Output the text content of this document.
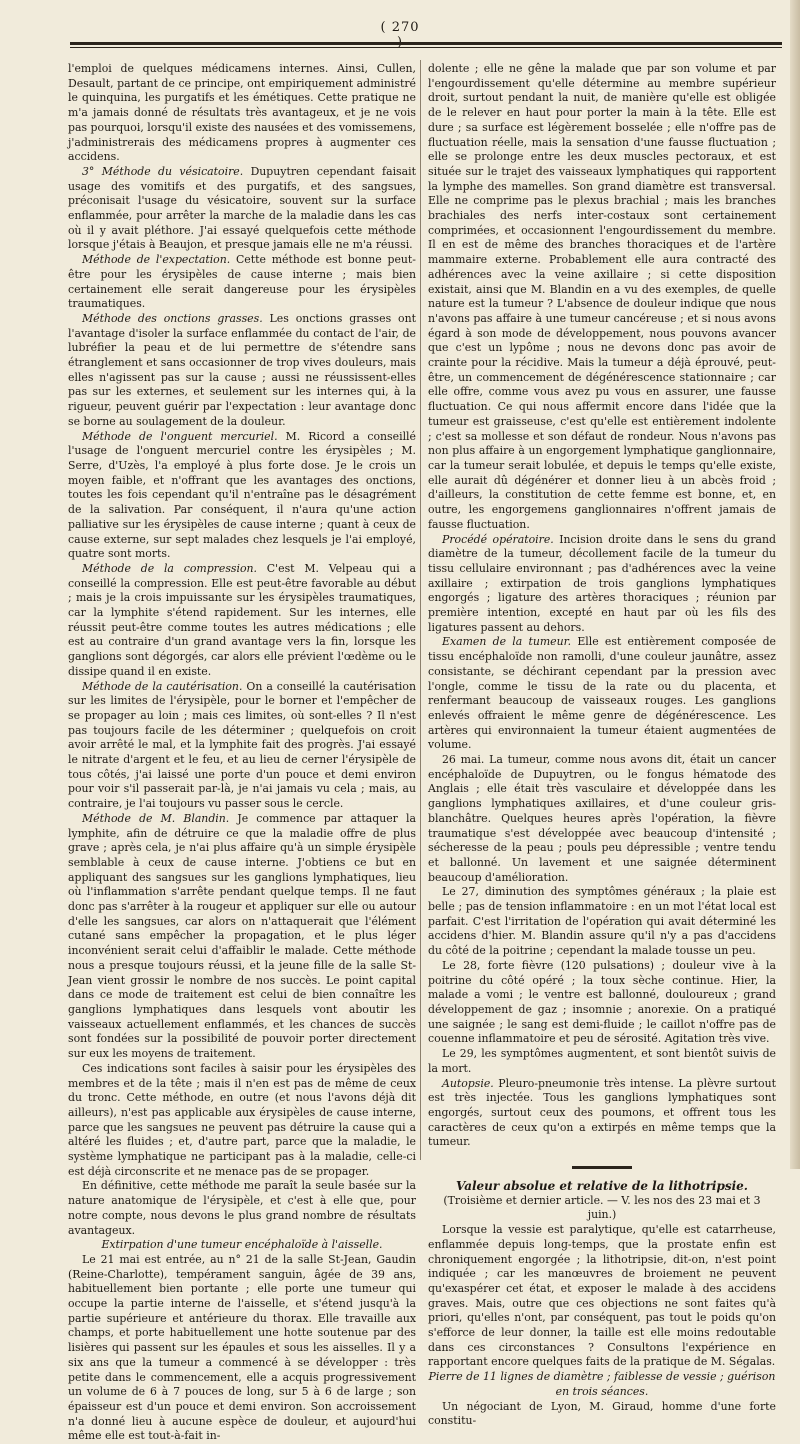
( 270

l'emploi de quelques médicamens internes. Ainsi, Cullen, Desault, partant de ce principe, ont empiriquement administré le quinquina, les purgatifs et les émétiques. Cette pratique ne m'a jamais donné de résultats très avantageux, et je ne vois pas pourquoi, lorsqu'il existe des nausées et des vomissemens, j'administrerais des médicamens propres à augmenter ces accidens.

3° Méthode du vésicatoire. Dupuytren cependant faisait usage des vomitifs et des purgatifs, et des sangsues, préconisait l'usage du vésicatoire, souvent sur la surface enflammée, pour arrêter la marche de la maladie dans les cas où il y avait pléthore. J'ai essayé quelquefois cette méthode lorsque j'étais à Beaujon, et presque jamais elle ne m'a réussi.

Méthode de l'expectation. Cette méthode est bonne peut-être pour les érysipèles de cause interne ; mais bien certainement elle serait dangereuse pour les érysipèles traumatiques.

Méthode des onctions grasses. Les onctions grasses ont l'avantage d'isoler la surface enflammée du contact de l'air, de lubréfier la peau et de lui permettre de s'étendre sans étranglement et sans occasionner de trop vives douleurs, mais elles n'agissent pas sur la cause ; aussi ne réussissent-elles pas sur les externes, et seulement sur les internes qui, à la rigueur, peuvent guérir par l'expectation : leur avantage donc se borne au soulagement de la douleur.

Méthode de l'onguent mercuriel. M. Ricord a conseillé l'usage de l'onguent mercuriel contre les érysipèles ; M. Serre, d'Uzès, l'a employé à plus forte dose. Je le crois un moyen faible, et n'offrant que les avantages des onctions, toutes les fois cependant qu'il n'entraîne pas le désagrément de la salivation. Par conséquent, il n'aura qu'une action palliative sur les érysipèles de cause interne ; quant à ceux de cause externe, sur sept malades chez lesquels je l'ai employé, quatre sont morts.

Méthode de la compression. C'est M. Velpeau qui a conseillé la compression. Elle est peut-être favorable au début ; mais je la crois impuissante sur les érysipèles traumatiques, car la lymphite s'étend rapidement. Sur les internes, elle réussit peut-être comme toutes les autres médications ; elle est au contraire d'un grand avantage vers la fin, lorsque les ganglions sont dégorgés, car alors elle prévient l'œdème ou le dissipe quand il en existe.

Méthode de la cautérisation. On a conseillé la cautérisation sur les limites de l'érysipèle, pour le borner et l'empêcher de se propager au loin ; mais ces limites, où sont-elles ? Il n'est pas toujours facile de les déterminer ; quelquefois on croit avoir arrêté le mal, et la lymphite fait des progrès. J'ai essayé le nitrate d'argent et le feu, et au lieu de cerner l'érysipèle de tous côtés, j'ai laissé une porte d'un pouce et demi environ pour voir s'il passerait par-là, je n'ai jamais vu cela ; mais, au contraire, je l'ai toujours vu passer sous le cercle.

Méthode de M. Blandin. Je commence par attaquer la lymphite, afin de détruire ce que la maladie offre de plus grave ; après cela, je n'ai plus affaire qu'à un simple érysipèle semblable à ceux de cause interne. J'obtiens ce but en appliquant des sangsues sur les ganglions lymphatiques, lieu où l'inflammation s'arrête pendant quelque temps. Il ne faut donc pas s'arrêter à la rougeur et appliquer sur elle ou autour d'elle les sangsues, car alors on n'attaquerait que l'élément cutané sans empêcher la propagation, et le plus léger inconvénient serait celui d'affaiblir le malade. Cette méthode nous a presque toujours réussi, et la jeune fille de la salle St-Jean vient grossir le nombre de nos succès. Le point capital dans ce mode de traitement est celui de bien connaître les ganglions lymphatiques dans lesquels vont aboutir les vaisseaux actuellement enflammés, et les chances de succès sont fondées sur la possibilité de pouvoir porter directement sur eux les moyens de traitement.

Ces indications sont faciles à saisir pour les érysipèles des membres et de la tête ; mais il n'en est pas de même de ceux du tronc. Cette méthode, en outre (et nous l'avons déjà dit ailleurs), n'est pas applicable aux érysipèles de cause interne, parce que les sangsues ne peuvent pas détruire la cause qui a altéré les fluides ; et, d'autre part, parce que la maladie, le système lymphatique ne participant pas à la maladie, celle-ci est déjà circonscrite et ne menace pas de se propager.

En définitive, cette méthode me paraît la seule basée sur la nature anatomique de l'érysipèle, et c'est à elle que, pour notre compte, nous devons le plus grand nombre de résultats avantageux.

Extirpation d'une tumeur encéphaloïde à l'aisselle.

Le 21 mai est entrée, au n° 21 de la salle St-Jean, Gaudin (Reine-Charlotte), tempérament sanguin, âgée de 39 ans, habituellement bien portante ; elle porte une tumeur qui occupe la partie interne de l'aisselle, et s'étend jusqu'à la partie supérieure et antérieure du thorax. Elle travaille aux champs, et porte habituellement une hotte soutenue par des lisières qui passent sur les épaules et sous les aisselles. Il y a six ans que la tumeur a commencé à se développer : très petite dans le commencement, elle a acquis progressivement un volume de 6 à 7 pouces de long, sur 5 à 6 de large ; son épaisseur est d'un pouce et demi environ. Son accroissement n'a donné lieu à aucune espèce de douleur, et aujourd'hui même elle est tout-à-fait in-

dolente ; elle ne gêne la malade que par son volume et par l'engourdissement qu'elle détermine au membre supérieur droit, surtout pendant la nuit, de manière qu'elle est obligée de le relever en haut pour porter la main à la tête. Elle est dure ; sa surface est légèrement bosselée ; elle n'offre pas de fluctuation réelle, mais la sensation d'une fausse fluctuation ; elle se prolonge entre les deux muscles pectoraux, et est située sur le trajet des vaisseaux lymphatiques qui rapportent la lymphe des mamelles. Son grand diamètre est transversal. Elle ne comprime pas le plexus brachial ; mais les branches brachiales des nerfs inter-costaux sont certainement comprimées, et occasionnent l'engourdissement du membre. Il en est de même des branches thoraciques et de l'artère mammaire externe. Probablement elle aura contracté des adhérences avec la veine axillaire ; si cette disposition existait, ainsi que M. Blandin en a vu des exemples, de quelle nature est la tumeur ? L'absence de douleur indique que nous n'avons pas affaire à une tumeur cancéreuse ; et si nous avons égard à son mode de développement, nous pouvons avancer que c'est un lypôme ; nous ne devons donc pas avoir de crainte pour la récidive. Mais la tumeur a déjà éprouvé, peut-être, un commencement de dégénérescence stationnaire ; car elle offre, comme vous avez pu vous en assurer, une fausse fluctuation. Ce qui nous affermit encore dans l'idée que la tumeur est graisseuse, c'est qu'elle est entièrement indolente ; c'est sa mollesse et son défaut de rondeur. Nous n'avons pas non plus affaire à un engorgement lymphatique ganglionnaire, car la tumeur serait lobulée, et depuis le temps qu'elle existe, elle aurait dû dégénérer et donner lieu à un abcès froid ; d'ailleurs, la constitution de cette femme est bonne, et, en outre, les engorgemens ganglionnaires n'offrent jamais de fausse fluctuation.

Procédé opératoire. Incision droite dans le sens du grand diamètre de la tumeur, décollement facile de la tumeur du tissu cellulaire environnant ; pas d'adhérences avec la veine axillaire ; extirpation de trois ganglions lymphatiques engorgés ; ligature des artères thoraciques ; réunion par première intention, excepté en haut par où les fils des ligatures passent au dehors.

Examen de la tumeur. Elle est entièrement composée de tissu encéphaloïde non ramolli, d'une couleur jaunâtre, assez consistante, se déchirant cependant par la pression avec l'ongle, comme le tissu de la rate ou du placenta, et renfermant beaucoup de vaisseaux rouges. Les ganglions enlevés offraient le même genre de dégénérescence. Les artères qui environnaient la tumeur étaient augmentées de volume.

26 mai. La tumeur, comme nous avons dit, était un cancer encéphaloïde de Dupuytren, ou le fongus hématode des Anglais ; elle était très vasculaire et développée dans les ganglions lymphatiques axillaires, et d'une couleur gris-blanchâtre. Quelques heures après l'opération, la fièvre traumatique s'est développée avec beaucoup d'intensité ; sécheresse de la peau ; pouls peu dépressible ; ventre tendu et ballonné. Un lavement et une saignée déterminent beaucoup d'amélioration.

Le 27, diminution des symptômes généraux ; la plaie est belle ; pas de tension inflammatoire : en un mot l'état local est parfait. C'est l'irritation de l'opération qui avait déterminé les accidens d'hier. M. Blandin assure qu'il n'y a pas d'accidens du côté de la poitrine ; cependant la malade tousse un peu.

Le 28, forte fièvre (120 pulsations) ; douleur vive à la poitrine du côté opéré ; la toux sèche continue. Hier, la malade a vomi ; le ventre est ballonné, douloureux ; grand développement de gaz ; insomnie ; anorexie. On a pratiqué une saignée ; le sang est demi-fluide ; le caillot n'offre pas de couenne inflammatoire et peu de sérosité. Agitation très vive.

Le 29, les symptômes augmentent, et sont bientôt suivis de la mort.

Autopsie. Pleuro-pneumonie très intense. La plèvre surtout est très injectée. Tous les ganglions lymphatiques sont engorgés, surtout ceux des poumons, et offrent tous les caractères de ceux qu'on a extirpés en même temps que la tumeur.

Valeur absolue et relative de la lithotripsie.

(Troisième et dernier article. — V. les nos des 23 mai et 3 juin.)

Lorsque la vessie est paralytique, qu'elle est catarrheuse, enflammée depuis long-temps, que la prostate enfin est chroniquement engorgée ; la lithotripsie, dit-on, n'est point indiquée ; car les manœuvres de broiement ne peuvent qu'exaspérer cet état, et exposer le malade à des accidens graves. Mais, outre que ces objections ne sont faites qu'à priori, qu'elles n'ont, par conséquent, pas tout le poids qu'on s'efforce de leur donner, la taille est elle moins redoutable dans ces circonstances ? Consultons l'expérience en rapportant encore quelques faits de la pratique de M. Ségalas.

Pierre de 11 lignes de diamètre ; faiblesse de vessie ; guérison en trois séances.

Un négociant de Lyon, M. Giraud, homme d'une forte constitu-
